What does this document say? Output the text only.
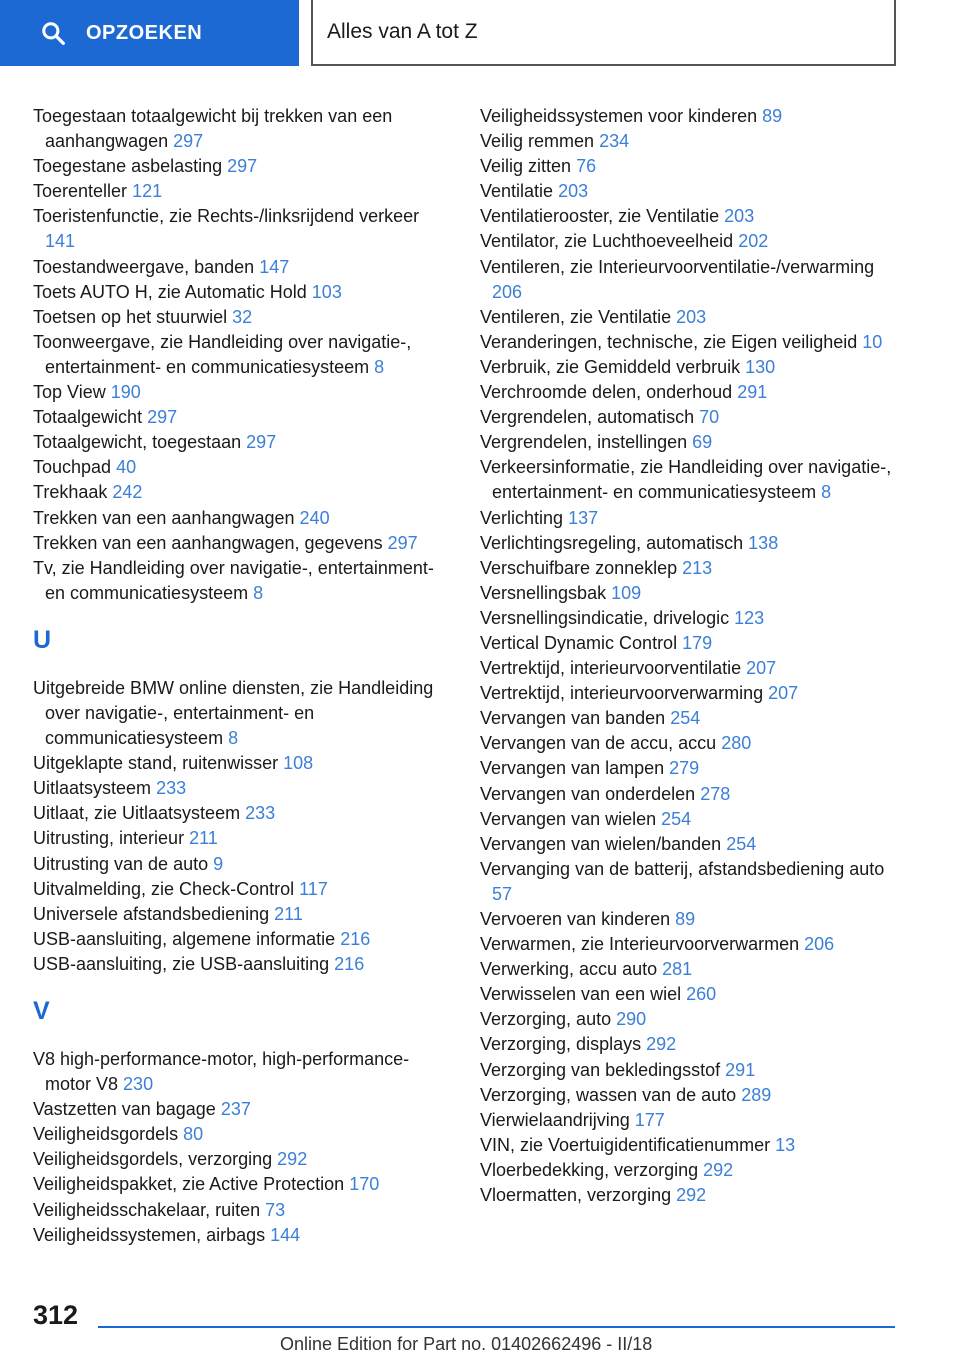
OPZOEKEN	Alles van A tot Z
Toegestaan totaalgewicht bij trekken van een aanhangwagen 297
Toegestane asbelasting 297
Toerenteller 121
Toeristenfunctie, zie Rechts-/linksrijdend verkeer 141
Toestandweergave, banden 147
Toets AUTO H, zie Automatic Hold 103
Toetsen op het stuurwiel 32
Toonweergave, zie Handleiding over navigatie-, entertainment- en communicatiesysteem 8
Top View 190
Totaalgewicht 297
Totaalgewicht, toegestaan 297
Touchpad 40
Trekhaak 242
Trekken van een aanhangwagen 240
Trekken van een aanhangwagen, gegevens 297
Tv, zie Handleiding over navigatie-, entertainment- en communicatiesysteem 8
U
Uitgebreide BMW online diensten, zie Handleiding over navigatie-, entertainment- en communicatiesysteem 8
Uitgeklapte stand, ruitenwisser 108
Uitlaatsysteem 233
Uitlaat, zie Uitlaatsysteem 233
Uitrusting, interieur 211
Uitrusting van de auto 9
Uitvalmelding, zie Check-Control 117
Universele afstandsbediening 211
USB-aansluiting, algemene informatie 216
USB-aansluiting, zie USB-aansluiting 216
V
V8 high-performance-motor, high-performance-motor V8 230
Vastzetten van bagage 237
Veiligheidsgordels 80
Veiligheidsgordels, verzorging 292
Veiligheidspakket, zie Active Protection 170
Veiligheidsschakelaar, ruiten 73
Veiligheidssystemen, airbags 144
Veiligheidssystemen voor kinderen 89
Veilig remmen 234
Veilig zitten 76
Ventilatie 203
Ventilatierooster, zie Ventilatie 203
Ventilator, zie Luchthoeveelheid 202
Ventileren, zie Interieurvoorventilatie-/verwarming 206
Ventileren, zie Ventilatie 203
Veranderingen, technische, zie Eigen veiligheid 10
Verbruik, zie Gemiddeld verbruik 130
Verchroomde delen, onderhoud 291
Vergrendelen, automatisch 70
Vergrendelen, instellingen 69
Verkeersinformatie, zie Handleiding over navigatie-, entertainment- en communicatiesysteem 8
Verlichting 137
Verlichtingsregeling, automatisch 138
Verschuifbare zonneklep 213
Versnellingsbak 109
Versnellingsindicatie, drivelogic 123
Vertical Dynamic Control 179
Vertrektijd, interieurvoorventilatie 207
Vertrektijd, interieurvoorverwarming 207
Vervangen van banden 254
Vervangen van de accu, accu 280
Vervangen van lampen 279
Vervangen van onderdelen 278
Vervangen van wielen 254
Vervangen van wielen/banden 254
Vervanging van de batterij, afstandsbediening auto 57
Vervoeren van kinderen 89
Verwarmen, zie Interieurvoorverwarmen 206
Verwerking, accu auto 281
Verwisselen van een wiel 260
Verzorging, auto 290
Verzorging, displays 292
Verzorging van bekledingsstof 291
Verzorging, wassen van de auto 289
Vierwielaandrijving 177
VIN, zie Voertuigidentificatienummer 13
Vloerbedekking, verzorging 292
Vloermatten, verzorging 292
312
Online Edition for Part no. 01402662496 - II/18
